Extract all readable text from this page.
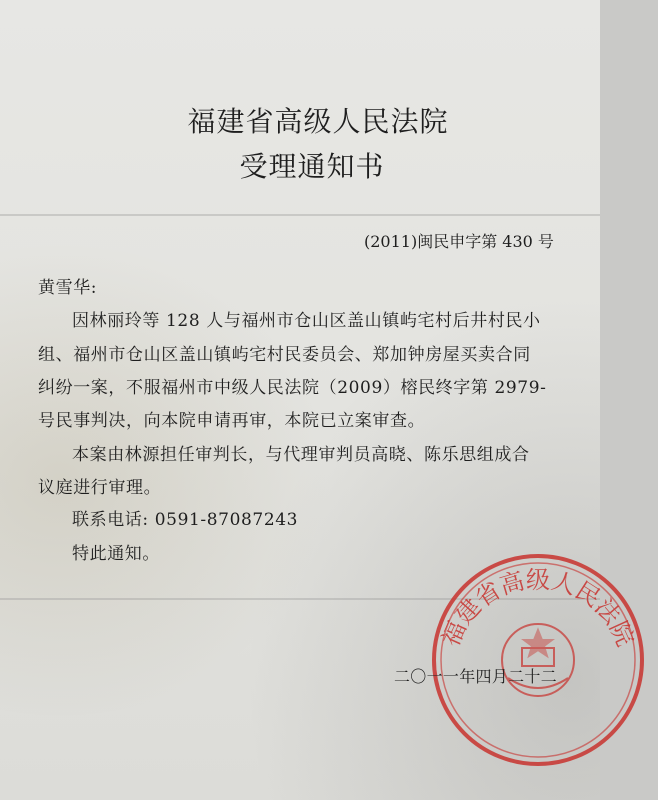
福建省高级人民法院
受理通知书
(2011)闽民申字第 430 号
黄雪华:
因林丽玲等 128 人与福州市仓山区盖山镇屿宅村后井村民小
组、福州市仓山区盖山镇屿宅村民委员会、郑加钟房屋买卖合同
纠纷一案，不服福州市中级人民法院（2009）榕民终字第 2979-
号民事判决，向本院申请再审，本院已立案审查。
本案由林源担任审判长，与代理审判员高晓、陈乐思组成合
议庭进行审理。
联系电话: 0591-87087243
特此通知。
福建省高级人民法院
二〇一一年四月二十二
